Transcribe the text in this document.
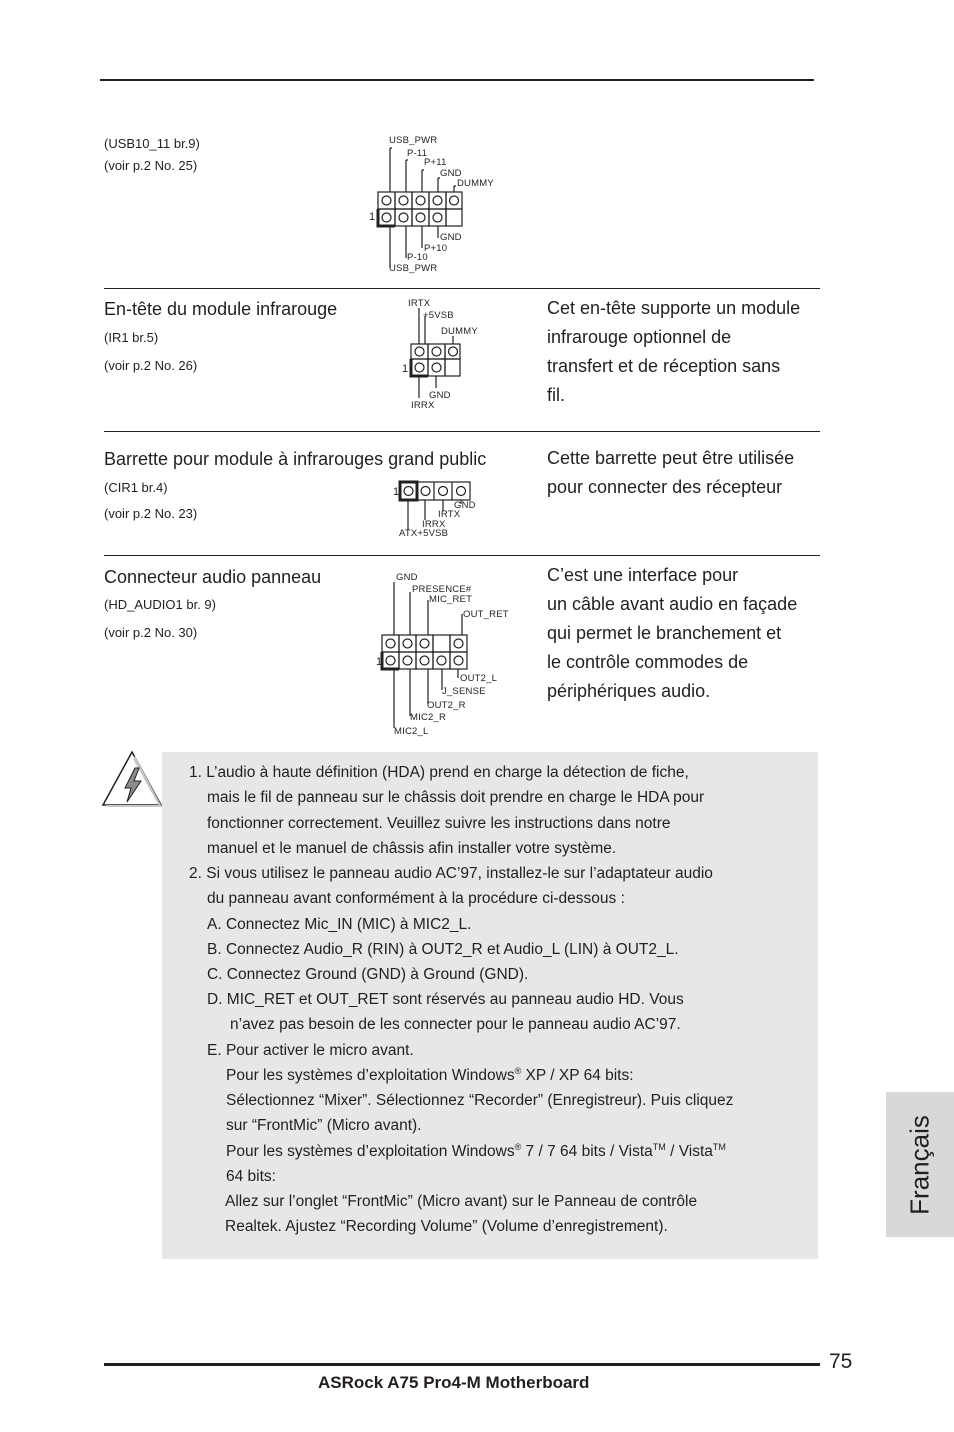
(USB10_11 br.9)
(voir p.2 No. 25)
USB_PWR
P-11
P+11
GND
DUMMY
GND
P+10
P-10
USB_PWR
1
En-tête du module infrarouge
(IR1 br.5)
(voir p.2 No. 26)
IRTX
+5VSB
DUMMY
GND
IRRX
1
Cet en-tête supporte un module
infrarouge optionnel de
transfert et de réception sans
fil.
Barrette pour module à infrarouges grand public
(CIR1 br.4)
(voir p.2 No. 23)
1
GND
IRTX
IRRX
ATX+5VSB
Cette barrette peut être utilisée
pour connecter des récepteur
Connecteur audio panneau
(HD_AUDIO1 br. 9)
(voir p.2 No. 30)
GND
PRESENCE#
MIC_RET
OUT_RET
OUT2_L
J_SENSE
OUT2_R
MIC2_R
MIC2_L
1
C’est une interface pour
un câble avant audio en façade
qui permet le branchement et
le contrôle commodes de
périphériques audio.
1. L’audio à haute définition (HDA) prend en charge la détection de fiche,
mais le fil de panneau sur le châssis doit prendre en charge le HDA pour
fonctionner correctement. Veuillez suivre les instructions dans notre
manuel et le manuel de châssis afin installer votre système.
2. Si vous utilisez le panneau audio AC’97, installez-le sur l’adaptateur audio
du panneau avant conformément à la procédure ci-dessous :
A. Connectez Mic_IN (MIC) à MIC2_L.
B. Connectez Audio_R (RIN) à OUT2_R et Audio_L (LIN) à OUT2_L.
C. Connectez Ground (GND) à Ground (GND).
D. MIC_RET et OUT_RET sont réservés au panneau audio HD. Vous
n’avez pas besoin de les connecter pour le panneau audio AC’97.
E. Pour activer le micro avant.
Pour les systèmes d’exploitation Windows® XP / XP 64 bits:
Sélectionnez “Mixer”. Sélectionnez “Recorder” (Enregistreur). Puis cliquez
sur “FrontMic” (Micro avant).
Pour les systèmes d’exploitation Windows® 7 / 7 64 bits / Vista™ / Vista™
64 bits:
Allez sur l’onglet “FrontMic” (Micro avant) sur le Panneau de contrôle
Realtek. Ajustez “Recording Volume” (Volume d’enregistrement).
Français
75
ASRock A75 Pro4-M Motherboard
